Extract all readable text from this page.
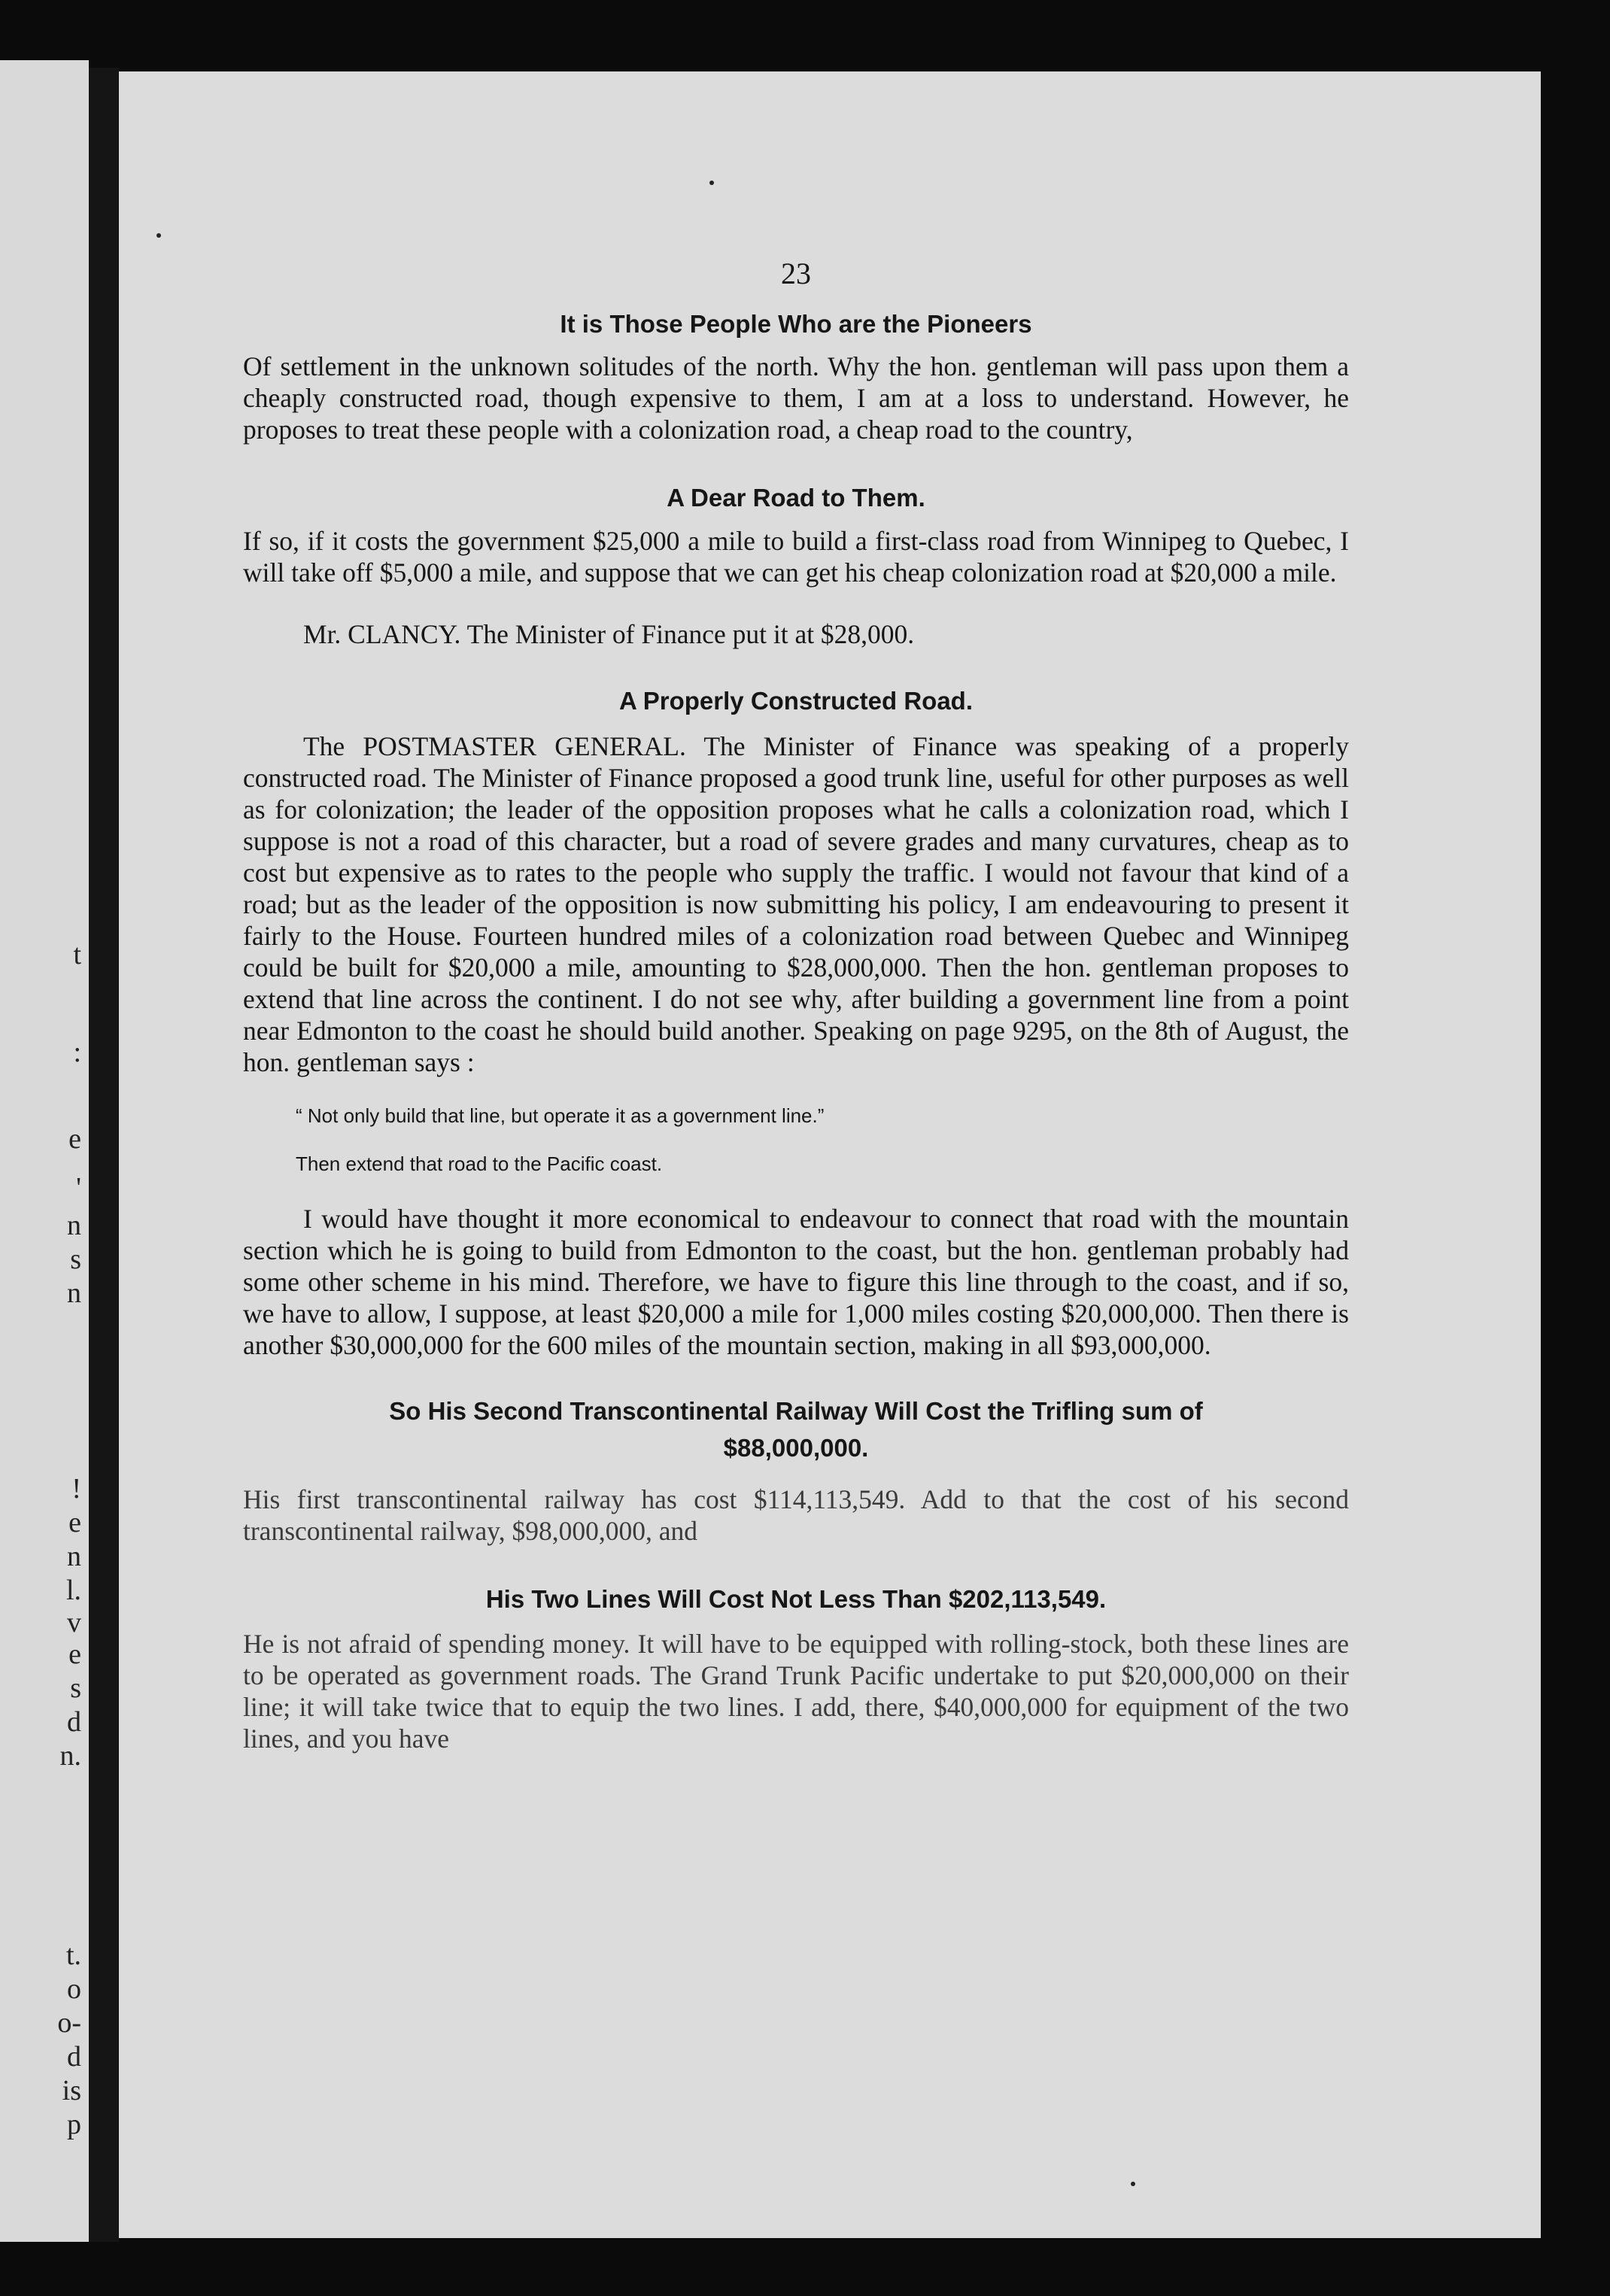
t
:
e
'
n
s
n
!
e
n
l.
v
e
s
d
n.
t.
o
o-
d
is
p
23
It is Those People Who are the Pioneers

Of settlement in the unknown solitudes of the north. Why the hon. gentleman will pass upon them a cheaply constructed road, though expensive to them, I am at a loss to understand. However, he proposes to treat these people with a colonization road, a cheap road to the country,

A Dear Road to Them.

If so, if it costs the government $25,000 a mile to build a first-class road from Winnipeg to Quebec, I will take off $5,000 a mile, and suppose that we can get his cheap colonization road at $20,000 a mile.

Mr. CLANCY. The Minister of Finance put it at $28,000.

A Properly Constructed Road.

The POSTMASTER GENERAL. The Minister of Finance was speaking of a properly constructed road. The Minister of Finance proposed a good trunk line, useful for other purposes as well as for colonization; the leader of the opposition proposes what he calls a colonization road, which I suppose is not a road of this character, but a road of severe grades and many curvatures, cheap as to cost but expensive as to rates to the people who supply the traffic. I would not favour that kind of a road; but as the leader of the opposition is now submitting his policy, I am endeavouring to present it fairly to the House. Fourteen hundred miles of a colonization road between Quebec and Winnipeg could be built for $20,000 a mile, amounting to $28,000,000. Then the hon. gentleman proposes to extend that line across the continent. I do not see why, after building a government line from a point near Edmonton to the coast he should build another. Speaking on page 9295, on the 8th of August, the hon. gentleman says :

“ Not only build that line, but operate it as a government line.”

Then extend that road to the Pacific coast.

I would have thought it more economical to endeavour to connect that road with the mountain section which he is going to build from Edmonton to the coast, but the hon. gentleman probably had some other scheme in his mind. Therefore, we have to figure this line through to the coast, and if so, we have to allow, I suppose, at least $20,000 a mile for 1,000 miles costing $20,000,000. Then there is another $30,000,000 for the 600 miles of the mountain section, making in all $93,000,000.

So His Second Transcontinental Railway Will Cost the Trifling sum of
$88,000,000.

His first transcontinental railway has cost $114,113,549. Add to that the cost of his second transcontinental railway, $98,000,000, and

His Two Lines Will Cost Not Less Than $202,113,549.

He is not afraid of spending money. It will have to be equipped with rolling-stock, both these lines are to be operated as government roads. The Grand Trunk Pacific undertake to put $20,000,000 on their line; it will take twice that to equip the two lines. I add, there, $40,000,000 for equipment of the two lines, and you have
